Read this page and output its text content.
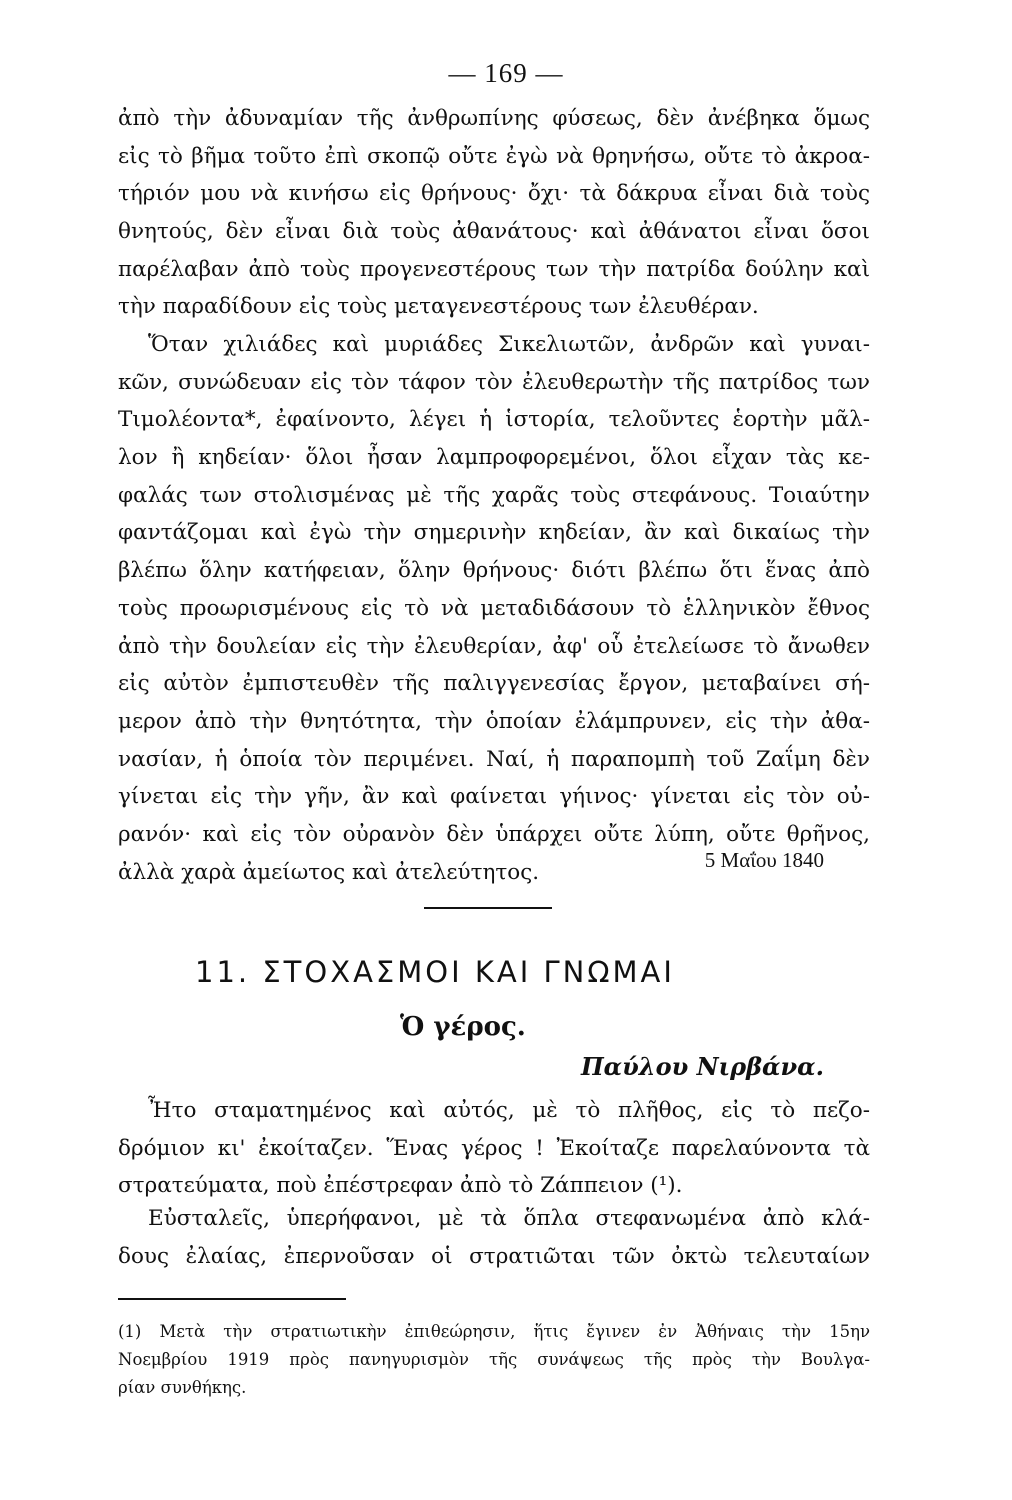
— 169 —
ἀπὸ τὴν ἀδυναμίαν τῆς ἀνθρωπίνης φύσεως, δὲν ἀνέβηκα ὅμως
εἰς τὸ βῆμα τοῦτο ἐπὶ σκοπῷ οὔτε ἐγὼ νὰ θρηνήσω, οὔτε τὸ ἀκροα-
τήριόν μου νὰ κινήσω εἰς θρήνους· ὄχι· τὰ δάκρυα εἶναι διὰ τοὺς
θνητούς, δὲν εἶναι διὰ τοὺς ἀθανάτους· καὶ ἀθάνατοι εἶναι ὅσοι
παρέλαβαν ἀπὸ τοὺς προγενεστέρους των τὴν πατρίδα δούλην καὶ
τὴν παραδίδουν εἰς τοὺς μεταγενεστέρους των ἐλευθέραν.
Ὅταν χιλιάδες καὶ μυριάδες Σικελιωτῶν, ἀνδρῶν καὶ γυναι-
κῶν, συνώδευαν εἰς τὸν τάφον τὸν ἐλευθερωτὴν τῆς πατρίδος των
Τιμολέοντα*, ἐφαίνοντο, λέγει ἡ ἱστορία, τελοῦντες ἑορτὴν μᾶλ-
λον ἢ κηδείαν· ὅλοι ἦσαν λαμπροφορεμένοι, ὅλοι εἶχαν τὰς κε-
φαλάς των στολισμένας μὲ τῆς χαρᾶς τοὺς στεφάνους. Τοιαύτην
φαντάζομαι καὶ ἐγὼ τὴν σημερινὴν κηδείαν, ἂν καὶ δικαίως τὴν
βλέπω ὅλην κατήφειαν, ὅλην θρήνους· διότι βλέπω ὅτι ἕνας ἀπὸ
τοὺς προωρισμένους εἰς τὸ νὰ μεταδιδάσουν τὸ ἑλληνικὸν ἔθνος
ἀπὸ τὴν δουλείαν εἰς τὴν ἐλευθερίαν, ἀφ' οὗ ἐτελείωσε τὸ ἄνωθεν
εἰς αὐτὸν ἐμπιστευθὲν τῆς παλιγγενεσίας ἔργον, μεταβαίνει σή-
μερον ἀπὸ τὴν θνητότητα, τὴν ὁποίαν ἐλάμπρυνεν, εἰς τὴν ἀθα-
νασίαν, ἡ ὁποία τὸν περιμένει. Ναί, ἡ παραπομπὴ τοῦ Ζαΐμη δὲν
γίνεται εἰς τὴν γῆν, ἂν καὶ φαίνεται γήινος· γίνεται εἰς τὸν οὐ-
ρανόν· καὶ εἰς τὸν οὐρανὸν δὲν ὑπάρχει οὔτε λύπη, οὔτε θρῆνος,
ἀλλὰ χαρὰ ἀμείωτος καὶ ἀτελεύτητος.	5 Μαΐου 1840
11. ΣΤΟΧΑΣΜΟΙ ΚΑΙ ΓΝΩΜΑΙ
Ὁ γέρος.
Παύλου Νιρβάνα.
Ἦτο σταματημένος καὶ αὐτός, μὲ τὸ πλῆθος, εἰς τὸ πεζο-
δρόμιον κι' ἐκοίταζεν. Ἕνας γέρος ! Ἐκοίταζε παρελαύνοντα τὰ
στρατεύματα, ποὺ ἐπέστρεφαν ἀπὸ τὸ Ζάππειον (¹).
Εὐσταλεῖς, ὑπερήφανοι, μὲ τὰ ὅπλα στεφανωμένα ἀπὸ κλά-
δους ἐλαίας, ἐπερνοῦσαν οἱ στρατιῶται τῶν ὀκτὼ τελευταίων
(1) Μετὰ τὴν στρατιωτικὴν ἐπιθεώρησιν, ἥτις ἔγινεν ἐν Ἀθήναις τὴν 15ην
Νοεμβρίου 1919 πρὸς πανηγυρισμὸν τῆς συνάψεως τῆς πρὸς τὴν Βουλγα-
ρίαν συνθήκης.
